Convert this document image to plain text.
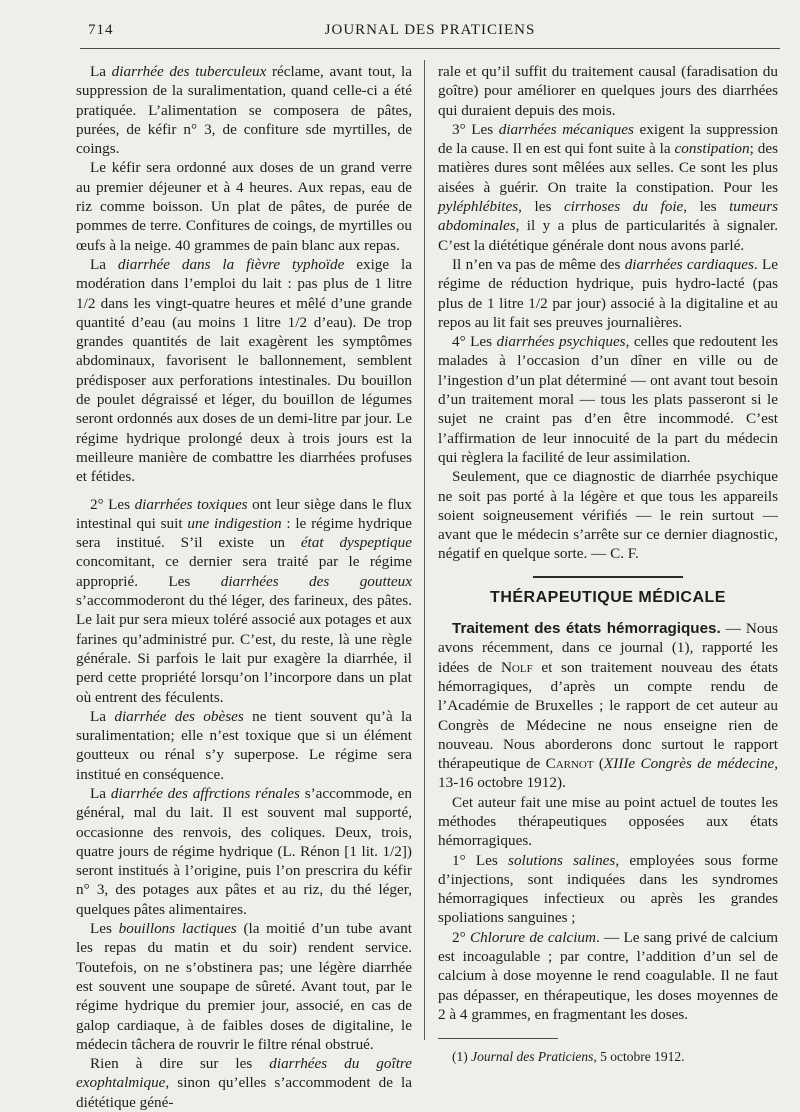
714	JOURNAL DES PRATICIENS

La diarrhée des tuberculeux réclame, avant tout, la suppression de la suralimentation, quand celle-ci a été pratiquée. L’alimentation se composera de pâtes, purées, de kéfir n° 3, de confiture sde myrtilles, de coings.

Le kéfir sera ordonné aux doses de un grand verre au premier déjeuner et à 4 heures. Aux repas, eau de riz comme boisson. Un plat de pâtes, de purée de pommes de terre. Confitures de coings, de myrtilles ou œufs à la neige. 40 grammes de pain blanc aux repas.

La diarrhée dans la fièvre typhoïde exige la modération dans l’emploi du lait : pas plus de 1 litre 1/2 dans les vingt-quatre heures et mêlé d’une grande quantité d’eau (au moins 1 litre 1/2 d’eau). De trop grandes quantités de lait exagèrent les symptômes abdominaux, favorisent le ballonnement, semblent prédisposer aux perforations intestinales. Du bouillon de poulet dégraissé et léger, du bouillon de légumes seront ordonnés aux doses de un demi-litre par jour. Le régime hydrique prolongé deux à trois jours est la meilleure manière de combattre les diarrhées profuses et fétides.

2° Les diarrhées toxiques ont leur siège dans le flux intestinal qui suit une indigestion : le régime hydrique sera institué. S’il existe un état dyspeptique concomitant, ce dernier sera traité par le régime approprié. Les diarrhées des goutteux s’accommoderont du thé léger, des farineux, des pâtes. Le lait pur sera mieux toléré associé aux potages et aux farines qu’administré pur. C’est, du reste, là une règle générale. Si parfois le lait pur exagère la diarrhée, il perd cette propriété lorsqu’on l’incorpore dans un plat où entrent des féculents.

La diarrhée des obèses ne tient souvent qu’à la suralimentation; elle n’est toxique que si un élément goutteux ou rénal s’y superpose. Le régime sera institué en conséquence.

La diarrhée des affrctions rénales s’accommode, en général, mal du lait. Il est souvent mal supporté, occasionne des renvois, des coliques. Deux, trois, quatre jours de régime hydrique (L. Rénon [1 lit. 1/2]) seront institués à l’origine, puis l’on prescrira du kéfir n° 3, des potages aux pâtes et au riz, du thé léger, quelques pâtes alimentaires.

Les bouillons lactiques (la moitié d’un tube avant les repas du matin et du soir) rendent service. Toutefois, on ne s’obstinera pas; une légère diarrhée est souvent une soupape de sûreté. Avant tout, par le régime hydrique du premier jour, associé, en cas de galop cardiaque, à de faibles doses de digitaline, le médecin tâchera de rouvrir le filtre rénal obstrué.

Rien à dire sur les diarrhées du goître exophtalmique, sinon qu’elles s’accommodent de la diététique géné-

rale et qu’il suffit du traitement causal (faradisation du goître) pour améliorer en quelques jours des diarrhées qui duraient depuis des mois.

3° Les diarrhées mécaniques exigent la suppression de la cause. Il en est qui font suite à la constipation; des matières dures sont mêlées aux selles. Ce sont les plus aisées à guérir. On traite la constipation. Pour les pyléphlébites, les cirrhoses du foie, les tumeurs abdominales, il y a plus de particularités à signaler. C’est la diététique générale dont nous avons parlé.

Il n’en va pas de même des diarrhées cardiaques. Le régime de réduction hydrique, puis hydro-lacté (pas plus de 1 litre 1/2 par jour) associé à la digitaline et au repos au lit fait ses preuves journalières.

4° Les diarrhées psychiques, celles que redoutent les malades à l’occasion d’un dîner en ville ou de l’ingestion d’un plat déterminé — ont avant tout besoin d’un traitement moral — tous les plats passeront si le sujet ne craint pas d’en être incommodé. C’est l’affirmation de leur innocuité de la part du médecin qui règlera la facilité de leur assimilation.

Seulement, que ce diagnostic de diarrhée psychique ne soit pas porté à la légère et que tous les appareils soient soigneusement vérifiés — le rein surtout — avant que le médecin s’arrête sur ce dernier diagnostic, négatif en quelque sorte. — C. F.

THÉRAPEUTIQUE MÉDICALE

Traitement des états hémorragiques. — Nous avons récemment, dans ce journal (1), rapporté les idées de Nolf et son traitement nouveau des états hémorragiques, d’après un compte rendu de l’Académie de Bruxelles ; le rapport de cet auteur au Congrès de Médecine ne nous enseigne rien de nouveau. Nous aborderons donc surtout le rapport thérapeutique de Carnot (XIIIe Congrès de médecine, 13-16 octobre 1912).

Cet auteur fait une mise au point actuel de toutes les méthodes thérapeutiques opposées aux états hémorragiques.

1° Les solutions salines, employées sous forme d’injections, sont indiquées dans les syndromes hémorragiques infectieux ou après les grandes spoliations sanguines ;

2° Chlorure de calcium. — Le sang privé de calcium est incoagulable ; par contre, l’addition d’un sel de calcium à dose moyenne le rend coagulable. Il ne faut pas dépasser, en thérapeutique, les doses moyennes de 2 à 4 grammes, en fragmentant les doses.

(1) Journal des Praticiens, 5 octobre 1912.
